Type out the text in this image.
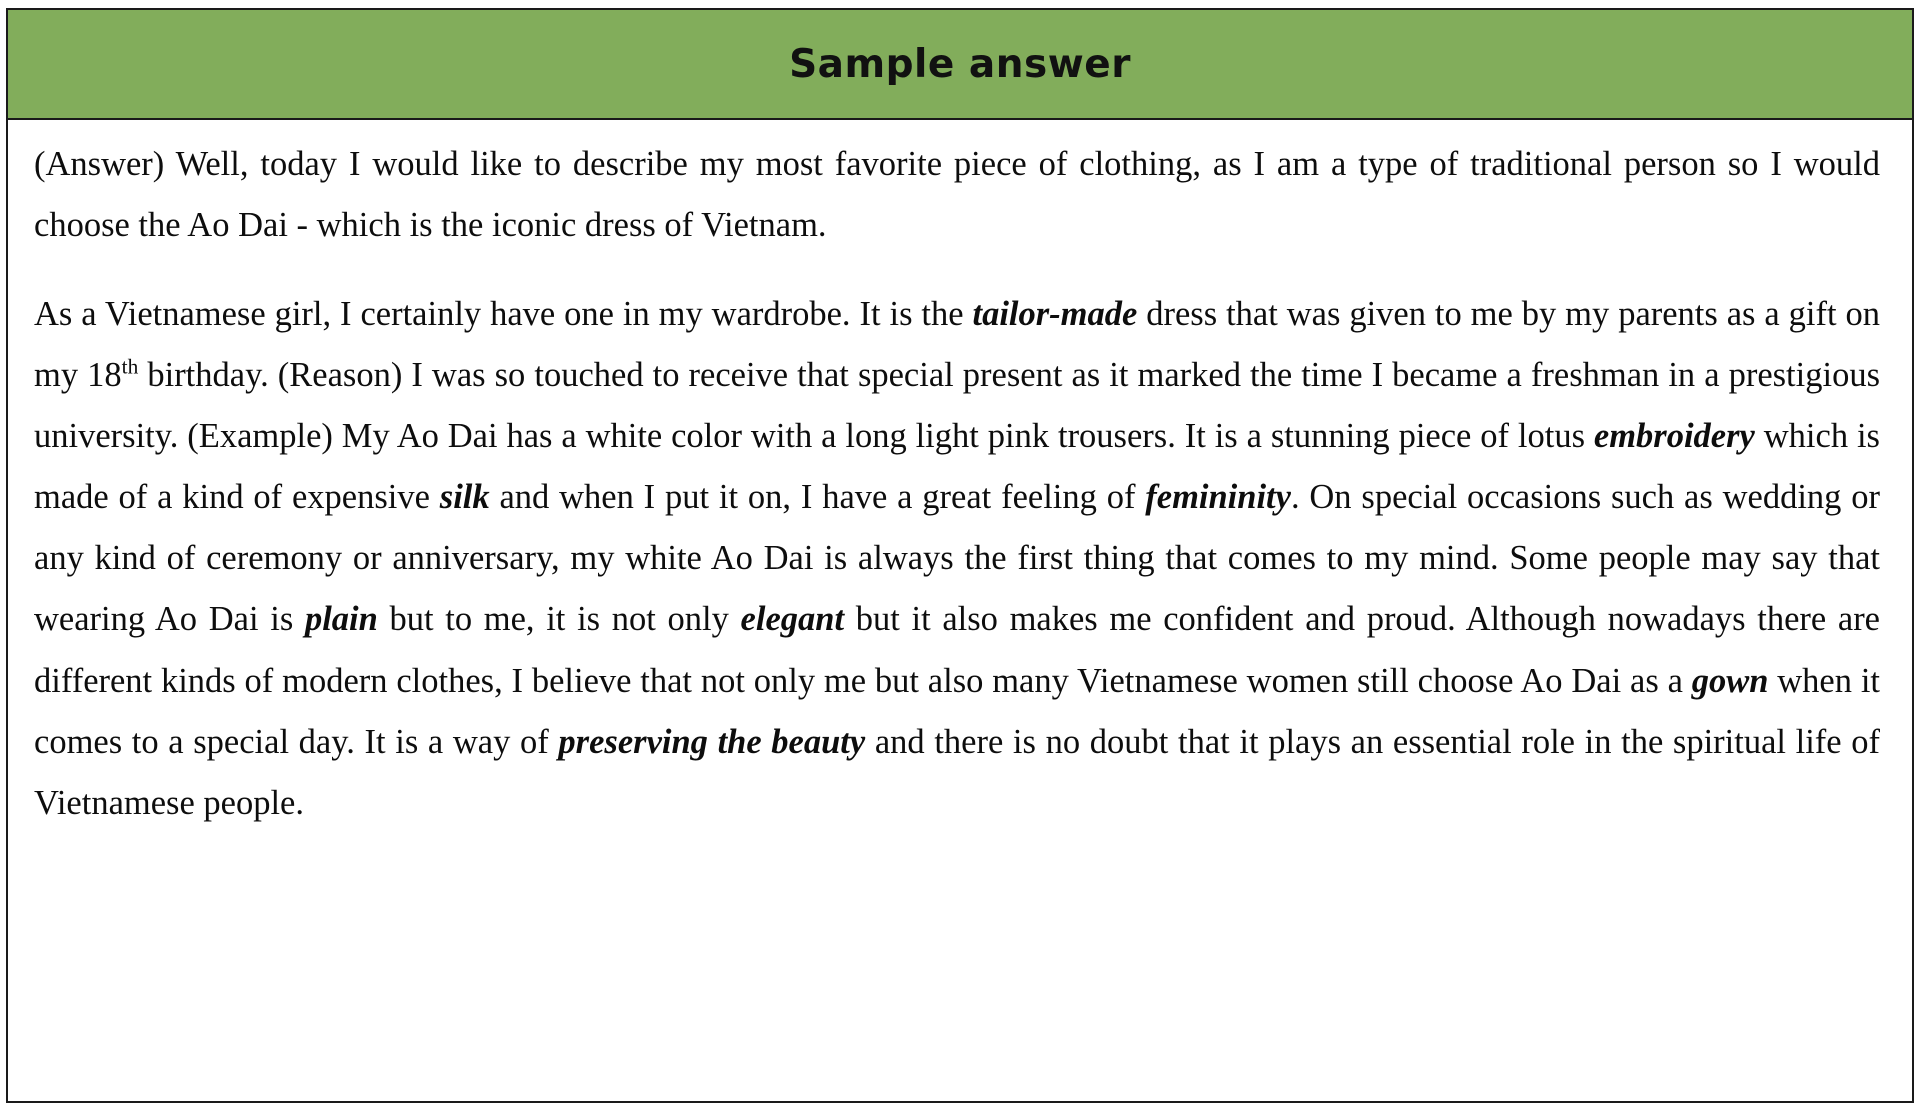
Sample answer

(Answer) Well, today I would like to describe my most favorite piece of clothing, as I am a type of traditional person so I would choose the Ao Dai - which is the iconic dress of Vietnam.

As a Vietnamese girl, I certainly have one in my wardrobe. It is the tailor-made dress that was given to me by my parents as a gift on my 18th birthday. (Reason) I was so touched to receive that special present as it marked the time I became a freshman in a prestigious university. (Example) My Ao Dai has a white color with a long light pink trousers. It is a stunning piece of lotus embroidery which is made of a kind of expensive silk and when I put it on, I have a great feeling of femininity. On special occasions such as wedding or any kind of ceremony or anniversary, my white Ao Dai is always the first thing that comes to my mind. Some people may say that wearing Ao Dai is plain but to me, it is not only elegant but it also makes me confident and proud. Although nowadays there are different kinds of modern clothes, I believe that not only me but also many Vietnamese women still choose Ao Dai as a gown when it comes to a special day. It is a way of preserving the beauty and there is no doubt that it plays an essential role in the spiritual life of Vietnamese people.
